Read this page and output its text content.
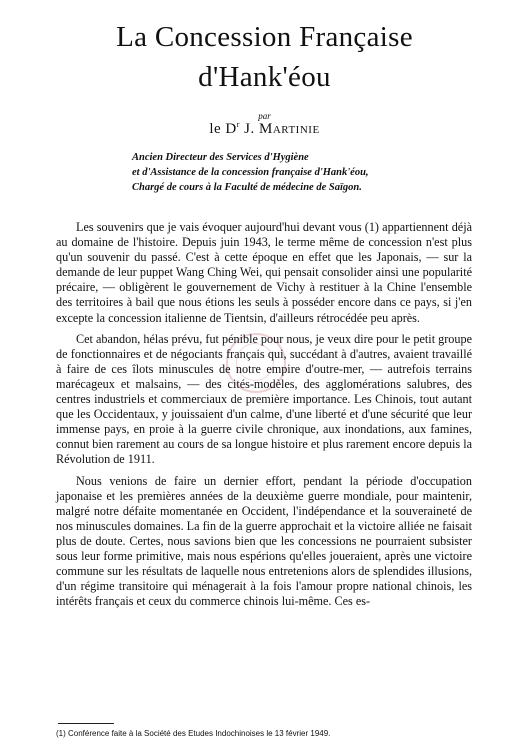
La Concession Française
d'Hank'éou
par
le $D^r$ J. Martinie
Ancien Directeur des Services d'Hygiène
et d'Assistance de la concession française d'Hank'éou,
Chargé de cours à la Faculté de médecine de Saïgon.

Les souvenirs que je vais évoquer aujourd'hui devant vous (1) appartiennent déjà au domaine de l'histoire. Depuis juin 1943, le terme même de concession n'est plus qu'un souvenir du passé. C'est à cette époque en effet que les Japonais, — sur la demande de leur puppet Wang Ching Wei, qui pensait consolider ainsi une popularité précaire, — obligèrent le gouvernement de Vichy à restituer à la Chine l'ensemble des territoires à bail que nous étions les seuls à posséder encore dans ce pays, si j'en excepte la concession italienne de Tientsin, d'ailleurs rétrocédée peu après.

Cet abandon, hélas prévu, fut pénible pour nous, je veux dire pour le petit groupe de fonctionnaires et de négociants français qui, succédant à d'autres, avaient travaillé à faire de ces îlots minuscules de notre empire d'outre-mer, — autrefois terrains marécageux et malsains, — des cités-modèles, des agglomérations salubres, des centres industriels et commerciaux de première importance. Les Chinois, tout autant que les Occidentaux, y jouissaient d'un calme, d'une liberté et d'une sécurité que leur immense pays, en proie à la guerre civile chronique, aux inondations, aux famines, connut bien rarement au cours de sa longue histoire et plus rarement encore depuis la Révolution de 1911.

Nous venions de faire un dernier effort, pendant la période d'occupation japonaise et les premières années de la deuxième guerre mondiale, pour maintenir, malgré notre défaite momentanée en Occident, l'indépendance et la souveraineté de nos minuscules domaines. La fin de la guerre approchait et la victoire alliée ne faisait plus de doute. Certes, nous savions bien que les concessions ne pourraient subsister sous leur forme primitive, mais nous espérions qu'elles joueraient, après une victoire commune sur les résultats de laquelle nous entretenions alors de splendides illusions, d'un régime transitoire qui ménagerait à la fois l'amour propre national chinois, les intérêts français et ceux du commerce chinois lui-même. Ces es-

(1) Conférence faite à la Société des Etudes Indochinoises le 13 février 1949.
